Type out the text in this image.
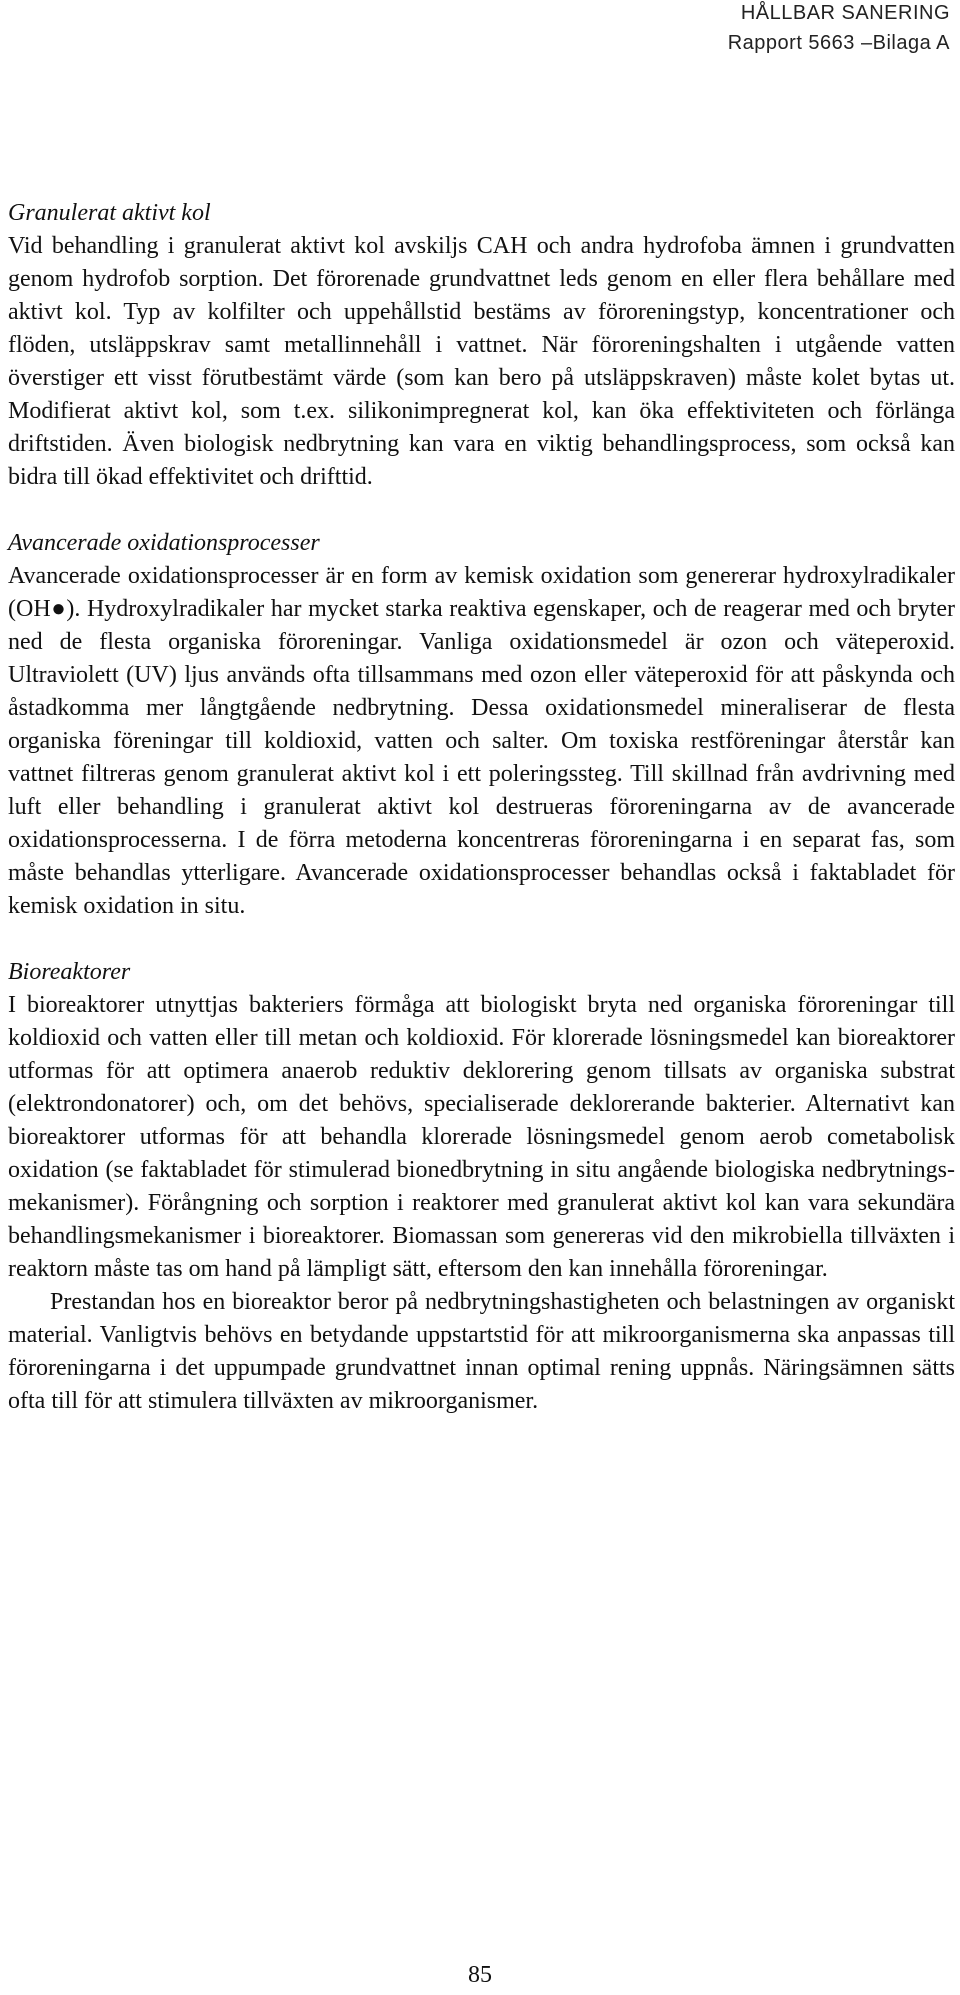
HÅLLBAR SANERING
Rapport 5663 –Bilaga A
Granulerat aktivt kol

Vid behandling i granulerat aktivt kol avskiljs CAH och andra hydrofoba ämnen i grundvatten genom hydrofob sorption. Det förorenade grundvattnet leds genom en eller flera behållare med aktivt kol. Typ av kolfilter och uppehållstid bestäms av föroreningstyp, koncentrationer och flöden, utsläppskrav samt metallinnehåll i vattnet. När föroreningshalten i utgående vatten överstiger ett visst förutbestämt värde (som kan bero på utsläppskraven) måste kolet bytas ut. Modifierat aktivt kol, som t.ex. silikonimpregnerat kol, kan öka effektiviteten och förlänga driftstiden. Även biologisk nedbrytning kan vara en viktig behandlingsprocess, som också kan bidra till ökad effektivitet och drifttid.

Avancerade oxidationsprocesser

Avancerade oxidationsprocesser är en form av kemisk oxidation som genererar hydroxylradikaler (OH●). Hydroxylradikaler har mycket starka reaktiva egenskaper, och de reagerar med och bryter ned de flesta organiska föroreningar. Vanliga oxidationsmedel är ozon och väteperoxid. Ultraviolett (UV) ljus används ofta tillsammans med ozon eller väteperoxid för att påskynda och åstadkomma mer långtgående nedbrytning. Dessa oxidationsmedel mineraliserar de flesta organiska föreningar till koldioxid, vatten och salter. Om toxiska restföreningar återstår kan vattnet filtreras genom granulerat aktivt kol i ett poleringssteg. Till skillnad från avdrivning med luft eller behandling i granulerat aktivt kol destrueras föroreningarna av de avancerade oxidationsprocesserna. I de förra metoderna koncentreras föroreningarna i en separat fas, som måste behandlas ytterligare. Avancerade oxidationsprocesser behandlas också i faktabladet för kemisk oxidation in situ.

Bioreaktorer

I bioreaktorer utnyttjas bakteriers förmåga att biologiskt bryta ned organiska föroreningar till koldioxid och vatten eller till metan och koldioxid. För klorerade lösningsmedel kan bioreaktorer utformas för att optimera anaerob reduktiv deklorering genom tillsats av organiska substrat (elektrondonatorer) och, om det behövs, specialiserade deklorerande bakterier. Alternativt kan bioreaktorer utformas för att behandla klorerade lösningsmedel genom aerob cometabolisk oxidation (se faktabladet för stimulerad bionedbrytning in situ angående biologiska nedbrytningsmekanismer). Förångning och sorption i reaktorer med granulerat aktivt kol kan vara sekundära behandlingsmekanismer i bioreaktorer. Biomassan som genereras vid den mikrobiella tillväxten i reaktorn måste tas om hand på lämpligt sätt, eftersom den kan innehålla föroreningar.

Prestandan hos en bioreaktor beror på nedbrytningshastigheten och belastningen av organiskt material. Vanligtvis behövs en betydande uppstartstid för att mikroorganismerna ska anpassas till föroreningarna i det uppumpade grundvattnet innan optimal rening uppnås. Näringsämnen sätts ofta till för att stimulera tillväxten av mikroorganismer.

85
